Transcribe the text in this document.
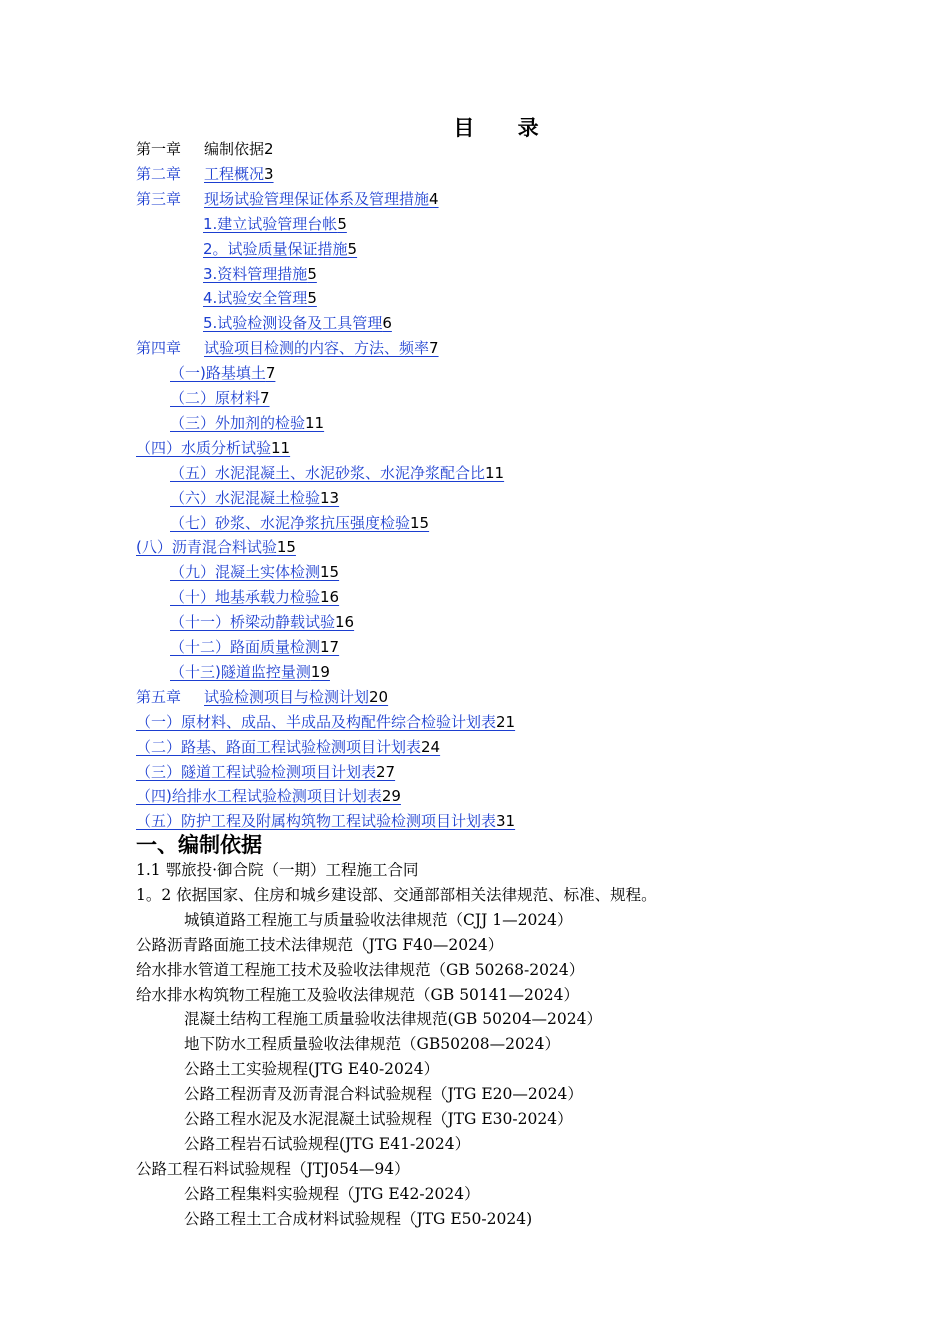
目 录
第一章 编制依据2
第二章 工程概况3
第三章 现场试验管理保证体系及管理措施4
1.建立试验管理台帐5
2。试验质量保证措施5
3.资料管理措施5
4.试验安全管理5
5.试验检测设备及工具管理6
第四章 试验项目检测的内容、方法、频率7
（一)路基填土7
（二）原材料7
（三）外加剂的检验11
（四）水质分析试验11
（五）水泥混凝土、水泥砂浆、水泥净浆配合比11
（六）水泥混凝土检验13
（七）砂浆、水泥净浆抗压强度检验15
(八）沥青混合料试验15
（九）混凝土实体检测15
（十）地基承载力检验16
（十一）桥梁动静载试验16
（十二）路面质量检测17
（十三)隧道监控量测19
第五章 试验检测项目与检测计划20
（一）原材料、成品、半成品及构配件综合检验计划表21
（二）路基、路面工程试验检测项目计划表24
（三）隧道工程试验检测项目计划表27
（四)给排水工程试验检测项目计划表29
（五）防护工程及附属构筑物工程试验检测项目计划表31
一、编制依据
1.1 鄂旅投·御合院（一期）工程施工合同
1。2 依据国家、住房和城乡建设部、交通部部相关法律规范、标准、规程。
城镇道路工程施工与质量验收法律规范（CJJ 1—2024）
公路沥青路面施工技术法律规范（JTG F40—2024）
给水排水管道工程施工技术及验收法律规范（GB 50268-2024）
给水排水构筑物工程施工及验收法律规范（GB 50141—2024）
混凝土结构工程施工质量验收法律规范(GB 50204—2024）
地下防水工程质量验收法律规范（GB50208—2024）
公路土工实验规程(JTG E40-2024）
公路工程沥青及沥青混合料试验规程（JTG E20—2024）
公路工程水泥及水泥混凝土试验规程（JTG E30-2024）
公路工程岩石试验规程(JTG E41-2024）
公路工程石料试验规程（JTJ054—94）
公路工程集料实验规程（JTG E42-2024）
公路工程土工合成材料试验规程（JTG E50-2024)
